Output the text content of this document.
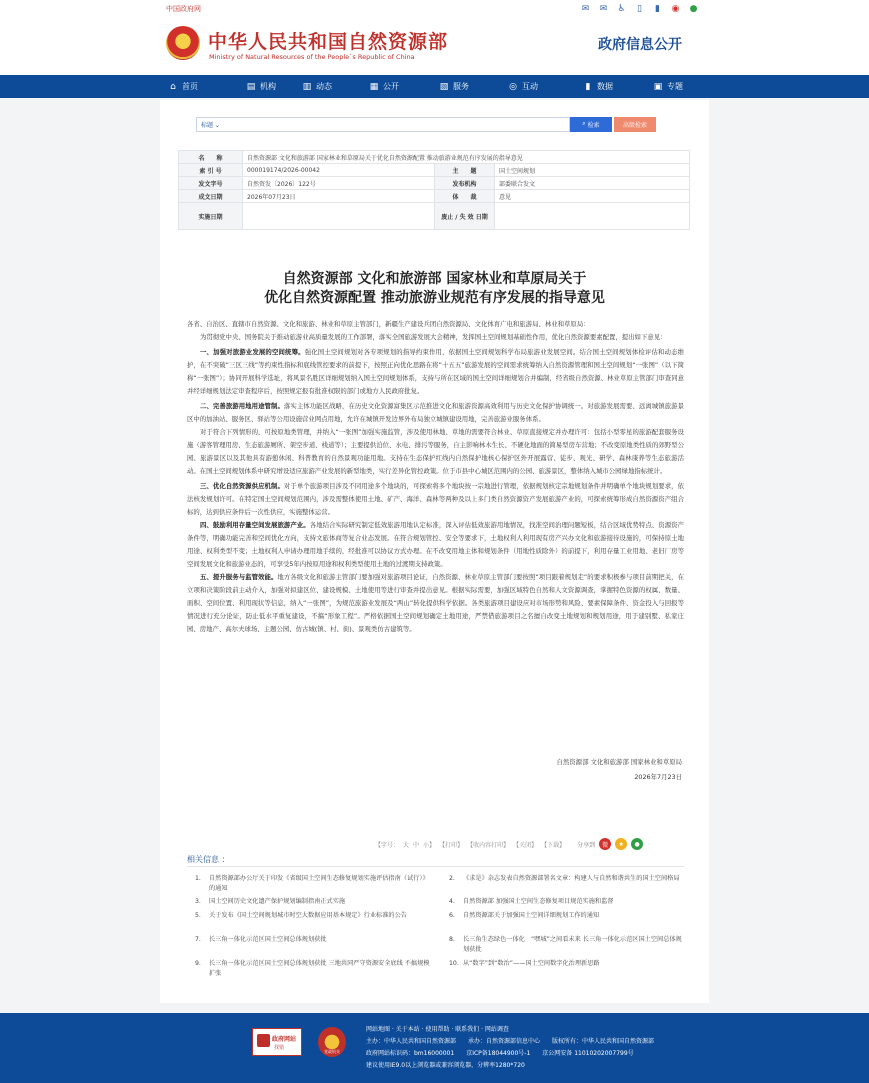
中国政府网	✉ ✉ ♿	▯	▮	◉ ●
中华人民共和国自然资源部
Ministry of Natural Resources of the People`s Republic of China
政府信息公开
⌂ 首页	▤ 机构	▥ 动态	▦ 公开	▧ 服务	◎ 互动	▮ 数据	▣ 专题
标题 ⌄	⌕ 检索	高级检索
名　　称	自然资源部 文化和旅游部 国家林业和草原局关于优化自然资源配置 推动旅游业规范有序发展的指导意见		
索 引 号	000019174/2026-00042	主　　题	国土空间规划
发文字号	自然资发〔2026〕122号	发布机构	部委联合发文
成文日期	2026年07月23日	体　　裁	意见
实施日期		废止 / 失 效 日期	
自然资源部 文化和旅游部 国家林业和草原局关于
优化自然资源配置 推动旅游业规范有序发展的指导意见

各省、自治区、直辖市自然资源、文化和旅游、林业和草原主管部门，新疆生产建设兵团自然资源局、文化体育广电和旅游局、林业和草原局：

为贯彻党中央、国务院关于推动旅游业高质量发展的工作部署，落实全国旅游发展大会精神，发挥国土空间规划基础性作用，优化自然资源要素配置，提出如下意见：

一、加强对旅游业发展的空间统筹。强化国土空间规划对各专项规划的指导约束作用，依据国土空间规划科学布局旅游业发展空间。结合国土空间规划体检评估和动态维护，在不突破“三区三线”等约束性指标和底线管控要求的前提下，按照正向优化思路在将“十五五”旅游发展的空间需求统筹纳入自然资源管理和国土空间规划“一张图”（以下简称“一张图”）；协同开展科学选址，将风景名胜区详细规划纳入国土空间规划体系，支持与所在区域的国土空间详细规划合并编制，经省级自然资源、林业草原主管部门审查同意并经详细规划法定审查程序后，按照规定报有批准权限的部门或地方人民政府批复。

二、完善旅游用地用途管制。落实主体功能区战略，在历史文化资源富集区示范推进文化和旅游资源高效利用与历史文化保护协调统一。对旅游发展需要、远离城镇旅游景区中的加油站、服务区、驿站等公用设施营业网点用地，允许在城镇开发边界外布局独立城镇建设用地，完善旅游业服务体系。

对于符合下列情形的，可按原地类管理，并纳入“一张图”加强实施监管，涉及使用林地、草地的需要符合林业、草原直接规定并办理许可：包括小型零星的旅游配套服务设施（游客管理用房、生态旅游厕所、架空步道、栈道等）；主要提供泊位、水电、排污等服务，自主影响林木生长、不硬化地面的简易型房车营地；不改变原地类性质的郊野型公园、旅游景区以及其他具有游憩休闲、科普教育的自然景观功能用地。支持在生态保护红线内自然保护地核心保护区外开展露营、徒步、观光、研学、森林康养等生态旅游活动。在国土空间规划体系中研究增设适应旅游产业发展的新型地类，实行差异化管控政策。位于市县中心城区范围内的公园、旅游景区，整体纳入城市公园绿地指标统计。

三、优化自然资源供应机制。对于单个旅游项目涉及不同用途多个地块的，可探索将多个地块按一宗地进行管理，依据规划核定宗地规划条件并明确单个地块规划要求，依法核发规划许可。在特定国土空间规划范围内，涉及需整体使用土地、矿产、海洋、森林等两种及以上多门类自然资源资产发展旅游产业的，可探索统筹形成自然资源资产组合标的，达到供应条件后一次性供应，实施整体运营。

四、鼓励利用存量空间发展旅游产业。各地结合实际研究制定低效旅游用地认定标准，深入评估低效旅游用地情况，找准空间治理问题短板，结合区域优势特点、资源资产条件等，明确功能完善和空间优化方向，支持文旅体商等复合业态发展。在符合规划管控、安全等要求下，土地权利人利用现有房产兴办文化和旅游接待设施的，可保持原土地用途、权利类型不变；土地权利人申请办理用地手续的，经批准可以协议方式办理。在不改变用地主体和规划条件（用地性质除外）的前提下，利用存量工业用地、老旧厂房等空间发展文化和旅游业态的，可享受5年内按原用途和权利类型使用土地的过渡期支持政策。

五、提升服务与监管效能。地方各级文化和旅游主管部门要加强对旅游项目论证，自然资源、林业草原主管部门要按照“项目跟着规划走”的要求积极参与项目前期把关，在立项和决策阶段前主动介入，加强对拟建区位、建设规模、土地使用等进行审查并提出意见。根据实际需要，加强区域特色自然和人文资源调查，掌握特色资源的权属、数量、面积、空间位置、利用现状等信息，纳入“一张图”，为规范旅游业发展及“两山”转化提供科学依据。各类旅游项目建设应对市场形势和风险、要素保障条件、资金投入与回报等情况进行充分论证，防止低水平重复建设，不搞“形象工程”。严格依据国土空间规划确定土地用途，严禁借旅游项目之名擅自改变土地规划和规划用途，用于建别墅、私家庄园、房地产、高尔夫球场、主题公园、仿古城(镇、村、街)、景观类仿古建筑等。

自然资源部 文化和旅游部 国家林业和草原局
2026年7月23日
【字号： 大 中 小】 【打印】 【收内容打印】 【关闭】 【下载】 分享到	微	★	●
相关信息 ：
1. 自然资源部办公厅关于印发《省级国土空间生态修复规划实施评估指南（试行）》的通知
2. 《求是》杂志发表自然资源部署名文章：构建人与自然和谐共生的国土空间格局
3. 国土空间历史文化遗产保护规划编制指南正式实施	4. 自然资源部 加强国土空间生态修复项目规范实施和监督
5. 关于发布《国土空间规划城市时空大数据应用基本规定》行业标准的公告	6. 自然资源部关于加强国土空间详细规划工作的通知
7. 长三角一体化示范区国土空间总体规划获批	8. 长三角生态绿色一体化　“嘿城”之间看未来 长三角一体化示范区国土空间总体规划获批
9. 长三角一体化示范区国土空间总体规划获批 三地共同严守资源安全底线 不搞规模扩张
10. 从“数字”到“数治”——国土空间数字化治理新思路
政府网站
找错
党政机关
网站地图 · 关于本站 · 使用帮助 · 联系我们 · 网站调查
主办：中华人民共和国自然资源部　　承办：自然资源部信息中心　　版权所有：中华人民共和国自然资源部
政府网站标识码：bm16000001　　京ICP备18044900号-1　　京公网安备 11010202007799号
建议使用IE9.0以上浏览器或兼容浏览器，分辨率1280*720
